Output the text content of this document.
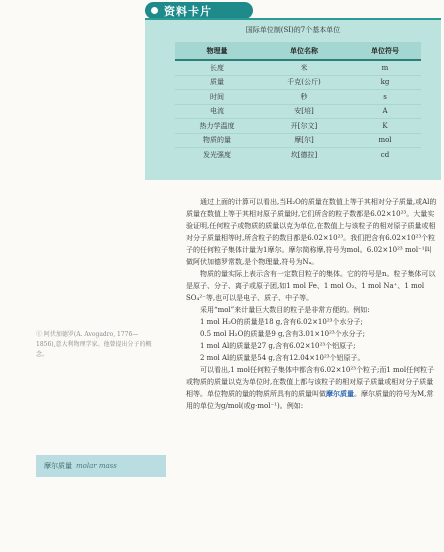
资料卡片
国际单位制(SI)的7个基本单位
物理量	单位名称	单位符号
长度	米	m
质量	千克(公斤)	kg
时间	秒	s
电流	安[培]	A
热力学温度	开[尔文]	K
物质的量	摩[尔]	mol
发光强度	坎[德拉]	cd

通过上面的计算可以看出,当H₂O的质量在数值上等于其相对分子质量,或Al的质量在数值上等于其相对原子质量时,它们所含的粒子数都是6.02×10²³。大量实验证明,任何粒子或物质的质量以克为单位,在数值上与该粒子的相对原子质量或相对分子质量相等时,所含粒子的数目都是6.02×10²³。我们把含有6.02×10²³个粒子的任何粒子集体计量为1摩尔。摩尔简称摩,符号为mol。6.02×10²³ mol⁻¹叫做阿伏加德罗常数,是个物理量,符号为Nₐ。

物质的量实际上表示含有一定数目粒子的集体。它的符号是n。粒子集体可以是原子、分子、离子或原子团,如1 mol Fe、1 mol O₂、1 mol Na⁺、1 mol SO₄²⁻等,也可以是电子、质子、中子等。

采用“mol”来计量巨大数目的粒子是非常方便的。例如:

1 mol H₂O的质量是18 g,含有6.02×10²³个水分子;
0.5 mol H₂O的质量是9 g,含有3.01×10²³个水分子;
1 mol Al的质量是27 g,含有6.02×10²³个铝原子;
2 mol Al的质量是54 g,含有12.04×10²³个铝原子。

可以看出,1 mol任何粒子集体中都含有6.02×10²³个粒子;而1 mol任何粒子或物质的质量以克为单位时,在数值上都与该粒子的相对原子质量或相对分子质量相等。单位物质的量的物质所具有的质量叫做摩尔质量。摩尔质量的符号为M,常用的单位为g/mol(或g·mol⁻¹)。例如:

① 阿伏加德罗(A. Avogadro, 1776—1856),意大利物理学家。他曾提出分子的概念。
摩尔质量 molar mass
